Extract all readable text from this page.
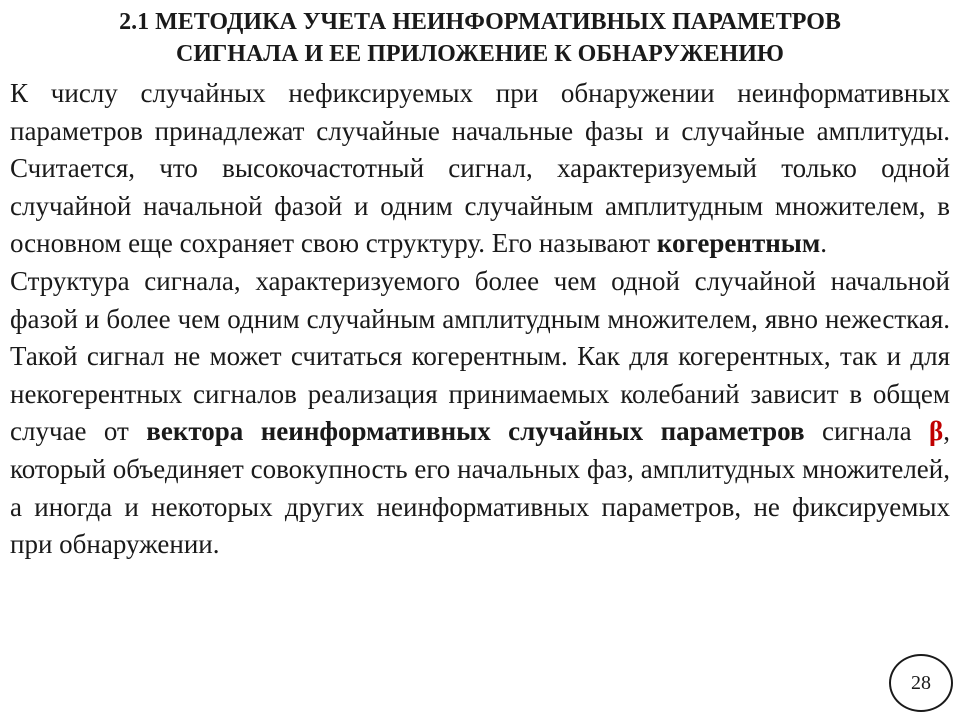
2.1 МЕТОДИКА УЧЕТА НЕИНФОРМАТИВНЫХ ПАРАМЕТРОВ
СИГНАЛА И ЕЕ ПРИЛОЖЕНИЕ К ОБНАРУЖЕНИЮ

К числу случайных нефиксируемых при обнаружении неинформативных параметров принадлежат случайные начальные фазы и случайные амплитуды. Считается, что высокочастотный сигнал, характеризуемый только одной случайной начальной фазой и одним случайным амплитудным множителем, в основном еще сохраняет свою структуру. Его называют когерентным.

Структура сигнала, характеризуемого более чем одной случайной начальной фазой и более чем одним случайным амплитудным множителем, явно нежесткая. Такой сигнал не может считаться когерентным. Как для когерентных, так и для некогерентных сигналов реализация принимаемых колебаний зависит в общем случае от вектора неинформативных случайных параметров сигнала β, который объединяет совокупность его начальных фаз, амплитудных множителей, а иногда и некоторых других неинформативных параметров, не фиксируемых при обнаружении.

28
